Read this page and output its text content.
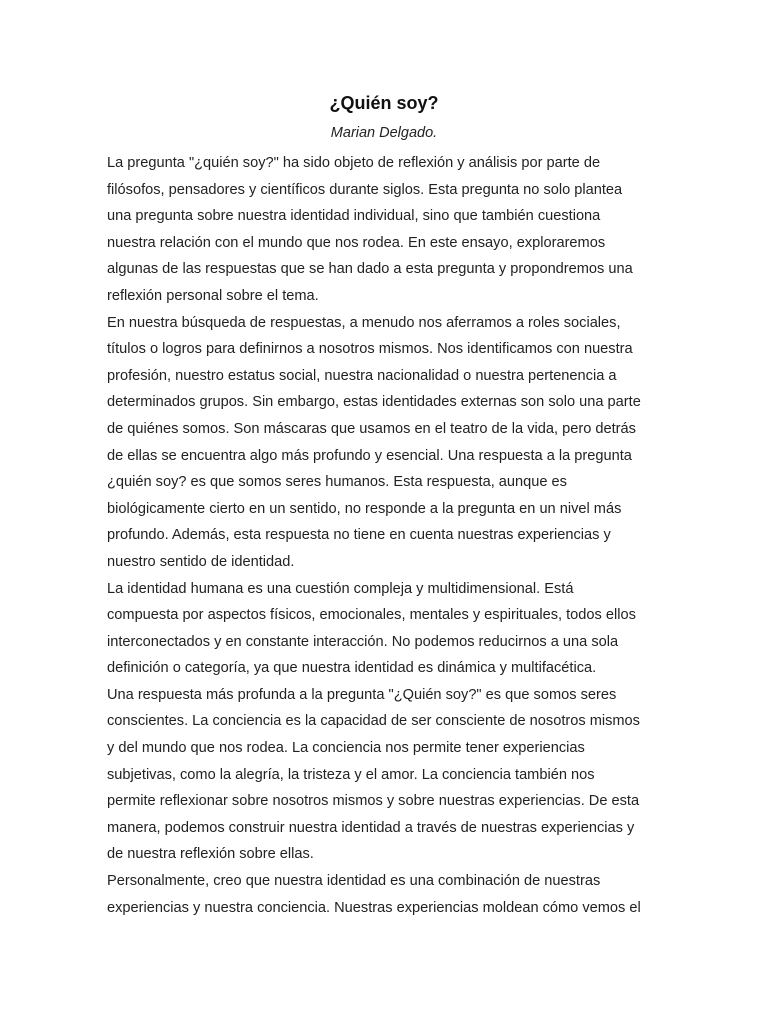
¿Quién soy?
Marian Delgado.
La pregunta "¿quién soy?" ha sido objeto de reflexión y análisis por parte de
filósofos, pensadores y científicos durante siglos. Esta pregunta no solo plantea
una pregunta sobre nuestra identidad individual, sino que también cuestiona
nuestra relación con el mundo que nos rodea. En este ensayo, exploraremos
algunas de las respuestas que se han dado a esta pregunta y propondremos una
reflexión personal sobre el tema.
En nuestra búsqueda de respuestas, a menudo nos aferramos a roles sociales,
títulos o logros para definirnos a nosotros mismos. Nos identificamos con nuestra
profesión, nuestro estatus social, nuestra nacionalidad o nuestra pertenencia a
determinados grupos. Sin embargo, estas identidades externas son solo una parte
de quiénes somos. Son máscaras que usamos en el teatro de la vida, pero detrás
de ellas se encuentra algo más profundo y esencial. Una respuesta a la pregunta
¿quién soy? es que somos seres humanos. Esta respuesta, aunque es
biológicamente cierto en un sentido, no responde a la pregunta en un nivel más
profundo. Además, esta respuesta no tiene en cuenta nuestras experiencias y
nuestro sentido de identidad.
La identidad humana es una cuestión compleja y multidimensional. Está
compuesta por aspectos físicos, emocionales, mentales y espirituales, todos ellos
interconectados y en constante interacción. No podemos reducirnos a una sola
definición o categoría, ya que nuestra identidad es dinámica y multifacética.
Una respuesta más profunda a la pregunta "¿Quién soy?" es que somos seres
conscientes. La conciencia es la capacidad de ser consciente de nosotros mismos
y del mundo que nos rodea. La conciencia nos permite tener experiencias
subjetivas, como la alegría, la tristeza y el amor. La conciencia también nos
permite reflexionar sobre nosotros mismos y sobre nuestras experiencias. De esta
manera, podemos construir nuestra identidad a través de nuestras experiencias y
de nuestra reflexión sobre ellas.
Personalmente, creo que nuestra identidad es una combinación de nuestras
experiencias y nuestra conciencia. Nuestras experiencias moldean cómo vemos el
